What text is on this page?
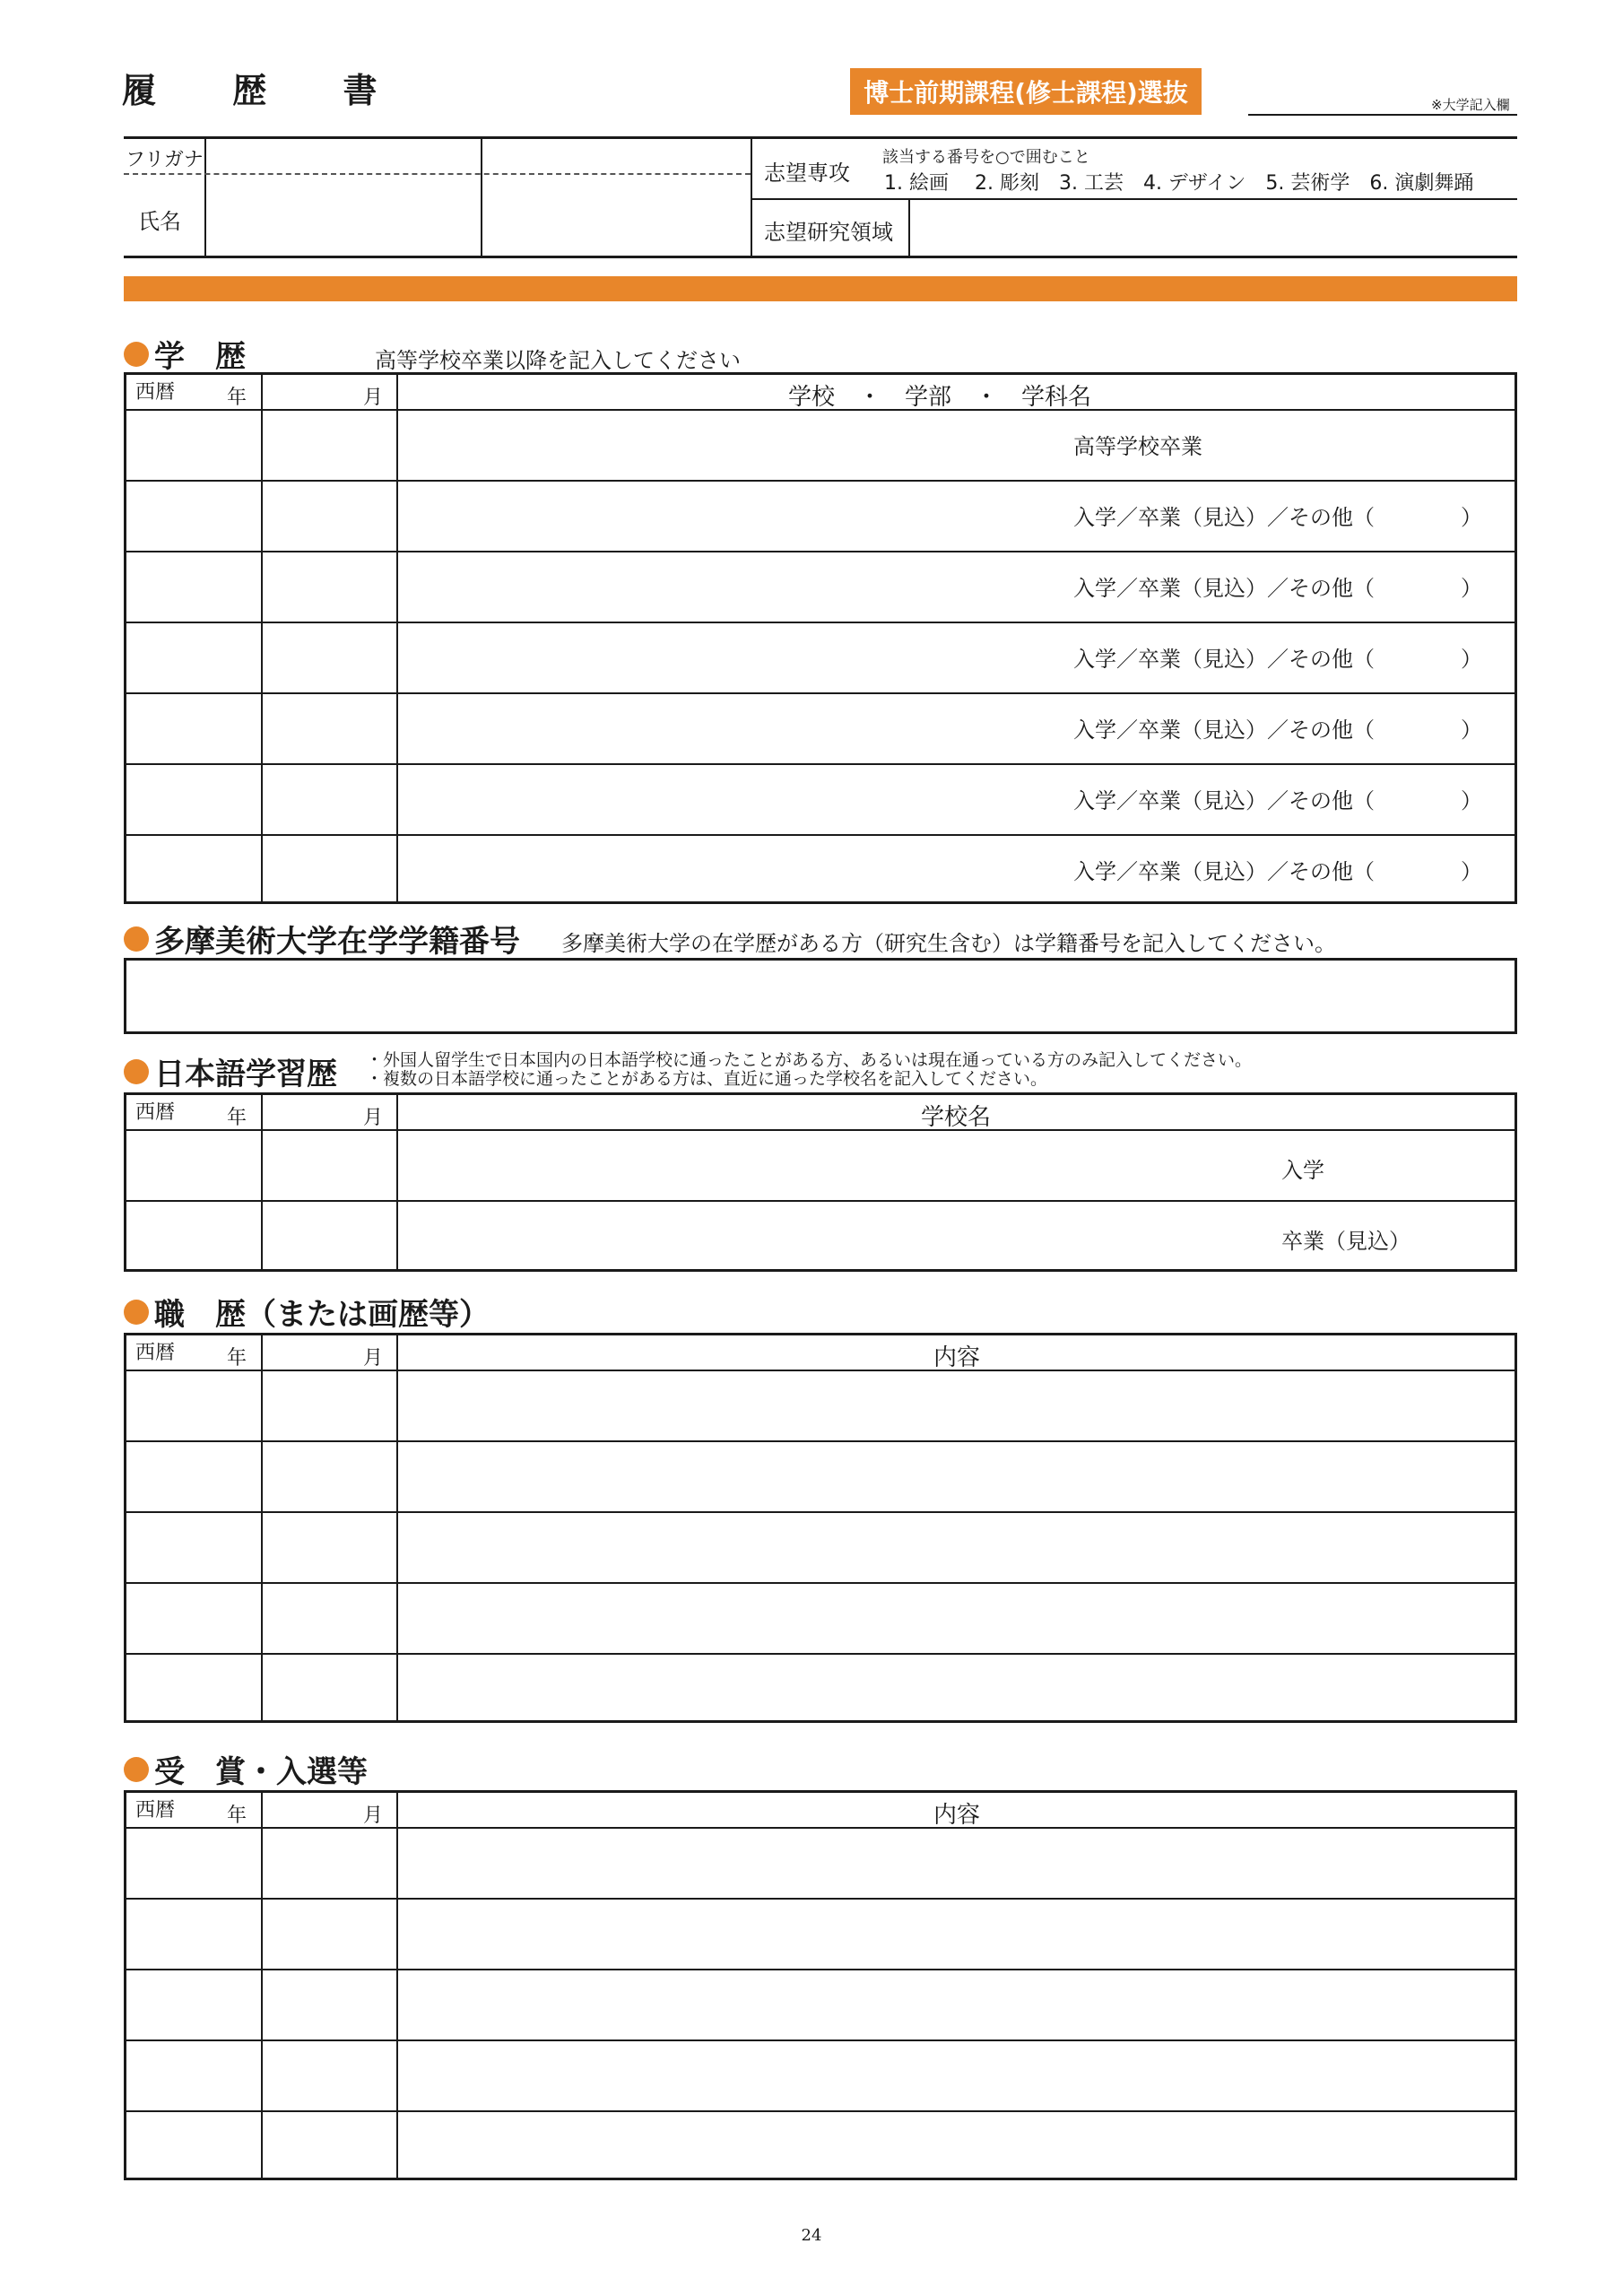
履 歴 書	博士前期課程(修士課程)選抜	※大学記入欄
フリガナ
氏名
志望専攻
該当する番号を○で囲むこと
1. 絵画　 2. 彫刻　3. 工芸　4. デザイン　5. 芸術学　6. 演劇舞踊
志望研究領域
学　歴	高等学校卒業以降を記入してください
西暦	年	月	学校　・　学部　・　学科名
高等学校卒業
入学／卒業（見込）／その他（　　　　）
入学／卒業（見込）／その他（　　　　）
入学／卒業（見込）／その他（　　　　）
入学／卒業（見込）／その他（　　　　）
入学／卒業（見込）／その他（　　　　）
入学／卒業（見込）／その他（　　　　）
多摩美術大学在学学籍番号 多摩美術大学の在学歴がある方（研究生含む）は学籍番号を記入してください。
日本語学習歴 ・外国人留学生で日本国内の日本語学校に通ったことがある方、あるいは現在通っている方のみ記入してください。
・複数の日本語学校に通ったことがある方は、直近に通った学校名を記入してください。
西暦	年	月	学校名
入学
卒業（見込）
職　歴（または画歴等）
西暦	年	月	内容
受　賞・入選等
西暦	年	月	内容
24
